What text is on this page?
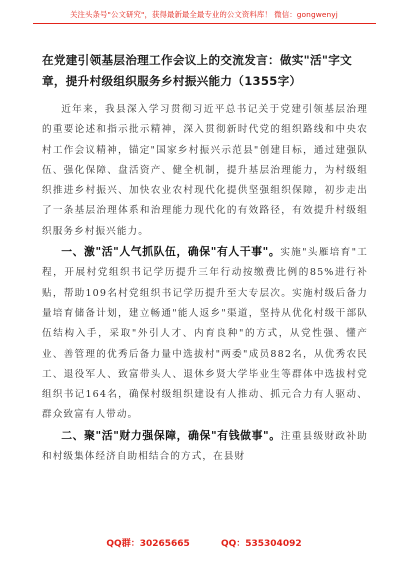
关注头条号"公文研究"，获得最新最全最专业的公文资料库！ 微信：gongwenyj

在党建引领基层治理工作会议上的交流发言：做实"活"字文章，提升村级组织服务乡村振兴能力（1355字）

近年来，我县深入学习贯彻习近平总书记关于党建引领基层治理的重要论述和指示批示精神，深入贯彻新时代党的组织路线和中央农村工作会议精神，锚定"国家乡村振兴示范县"创建目标，通过建强队伍、强化保障、盘活资产、健全机制，提升基层治理能力，为村级组织推进乡村振兴、加快农业农村现代化提供坚强组织保障，初步走出了一条基层治理体系和治理能力现代化的有效路径，有效提升村级组织服务乡村振兴能力。

一、激"活"人气抓队伍，确保"有人干事"。实施"头雁培育"工程，开展村党组织书记学历提升三年行动按缴费比例的85%进行补贴，帮助109名村党组织书记学历提升至大专层次。实施村级后备力量培育储备计划，建立畅通"能人返乡"渠道，坚持从优化村级干部队伍结构入手，采取"外引人才、内育良种"的方式，从党性强、懂产业、善管理的优秀后备力量中选拔村"两委"成员882名，从优秀农民工、退役军人、致富带头人、退休乡贤大学毕业生等群体中选拔村党组织书记164名，确保村级组织建设有人推动、抓元合力有人驱动、群众致富有人带动。

二、聚"活"财力强保障，确保"有钱做事"。注重县级财政补助和村级集体经济自助相结合的方式，在县财

QQ群：30265665	QQ：535304092
